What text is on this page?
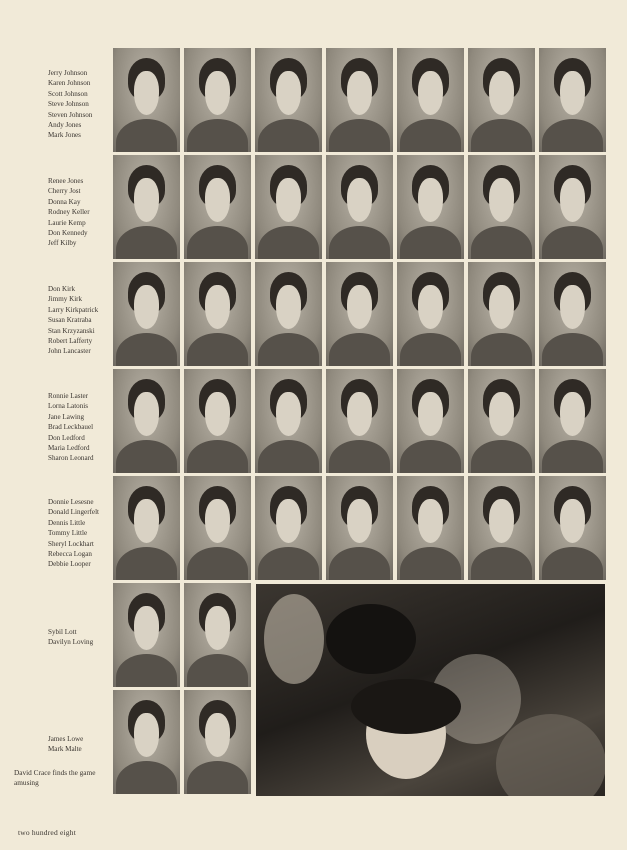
Jerry Johnson
Karen Johnson
Scott Johnson
Steve Johnson
Steven Johnson
Andy Jones
Mark Jones
Renee Jones
Cherry Jost
Donna Kay
Rodney Keller
Laurie Kemp
Don Kennedy
Jeff Kilby
Don Kirk
Jimmy Kirk
Larry Kirkpatrick
Susan Kratraba
Stan Krzyzanski
Robert Lafferty
John Lancaster
Ronnie Laster
Lorna Latonis
Jane Lawing
Brad Leckbauel
Don Ledford
Maria Ledford
Sharon Leonard
Donnie Lesesne
Donald Lingerfelt
Dennis Little
Tommy Little
Sheryl Lockhart
Rebecca Logan
Debbie Looper
Sybil Lott
Davilyn Loving
James Lowe
Mark Malte
David Crace finds the game amusing
two hundred eight
